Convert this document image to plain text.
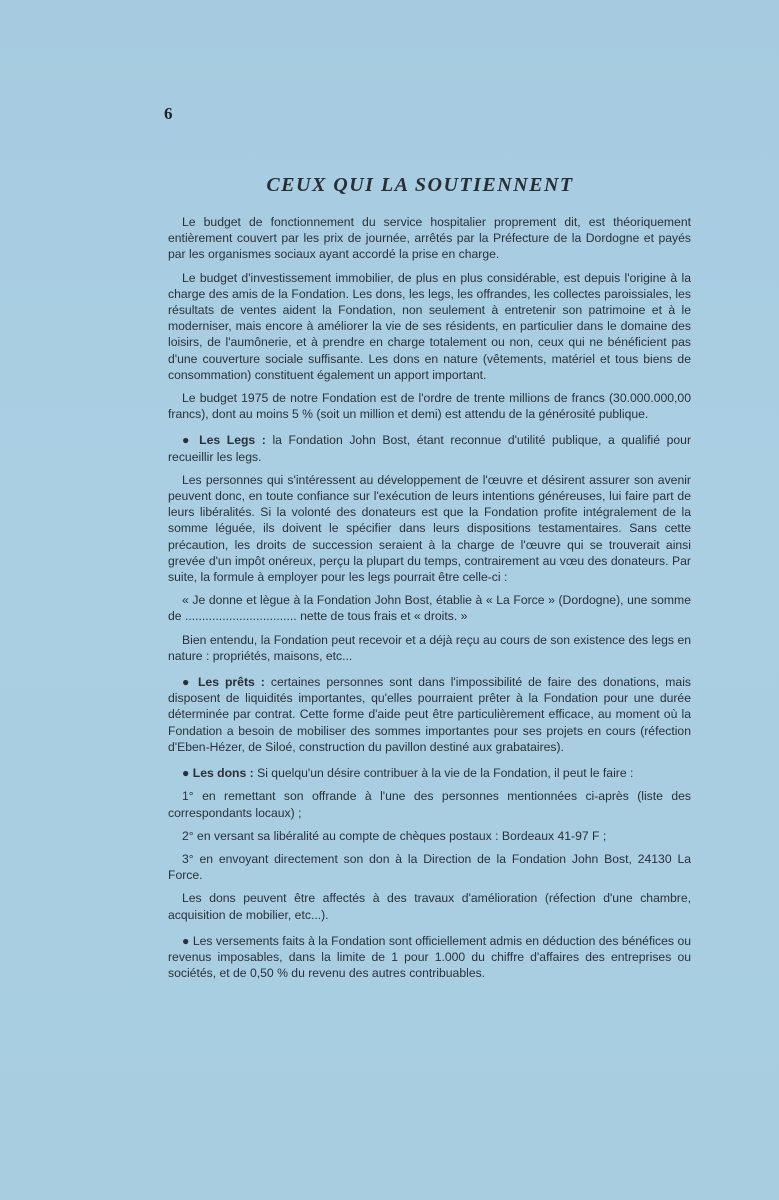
6
CEUX QUI LA SOUTIENNENT

Le budget de fonctionnement du service hospitalier proprement dit, est théoriquement entièrement couvert par les prix de journée, arrêtés par la Préfecture de la Dordogne et payés par les organismes sociaux ayant accordé la prise en charge.

Le budget d'investissement immobilier, de plus en plus considérable, est depuis l'origine à la charge des amis de la Fondation. Les dons, les legs, les offrandes, les collectes paroissiales, les résultats de ventes aident la Fondation, non seulement à entretenir son patrimoine et à le moderniser, mais encore à améliorer la vie de ses résidents, en particulier dans le domaine des loisirs, de l'aumônerie, et à prendre en charge totalement ou non, ceux qui ne bénéficient pas d'une couverture sociale suffisante. Les dons en nature (vêtements, matériel et tous biens de consommation) constituent également un apport important.

Le budget 1975 de notre Fondation est de l'ordre de trente millions de francs (30.000.000,00 francs), dont au moins 5 % (soit un million et demi) est attendu de la générosité publique.

● Les Legs : la Fondation John Bost, étant reconnue d'utilité publique, a qualifié pour recueillir les legs.

Les personnes qui s'intéressent au développement de l'œuvre et désirent assurer son avenir peuvent donc, en toute confiance sur l'exécution de leurs intentions généreuses, lui faire part de leurs libéralités. Si la volonté des donateurs est que la Fondation profite intégralement de la somme léguée, ils doivent le spécifier dans leurs dispositions testamentaires. Sans cette précaution, les droits de succession seraient à la charge de l'œuvre qui se trouverait ainsi grevée d'un impôt onéreux, perçu la plupart du temps, contrairement au vœu des donateurs. Par suite, la formule à employer pour les legs pourrait être celle-ci :

« Je donne et lègue à la Fondation John Bost, établie à « La Force » (Dordogne), une somme de ................................. nette de tous frais et « droits. »

Bien entendu, la Fondation peut recevoir et a déjà reçu au cours de son existence des legs en nature : propriétés, maisons, etc...

● Les prêts : certaines personnes sont dans l'impossibilité de faire des donations, mais disposent de liquidités importantes, qu'elles pourraient prêter à la Fondation pour une durée déterminée par contrat. Cette forme d'aide peut être particulièrement efficace, au moment où la Fondation a besoin de mobiliser des sommes importantes pour ses projets en cours (réfection d'Eben-Hézer, de Siloé, construction du pavillon destiné aux grabataires).

● Les dons : Si quelqu'un désire contribuer à la vie de la Fondation, il peut le faire :

1° en remettant son offrande à l'une des personnes mentionnées ci-après (liste des correspondants locaux) ;

2° en versant sa libéralité au compte de chèques postaux : Bordeaux 41-97 F ;

3° en envoyant directement son don à la Direction de la Fondation John Bost, 24130 La Force.

Les dons peuvent être affectés à des travaux d'amélioration (réfection d'une chambre, acquisition de mobilier, etc...).

● Les versements faits à la Fondation sont officiellement admis en déduction des bénéfices ou revenus imposables, dans la limite de 1 pour 1.000 du chiffre d'affaires des entreprises ou sociétés, et de 0,50 % du revenu des autres contribuables.
